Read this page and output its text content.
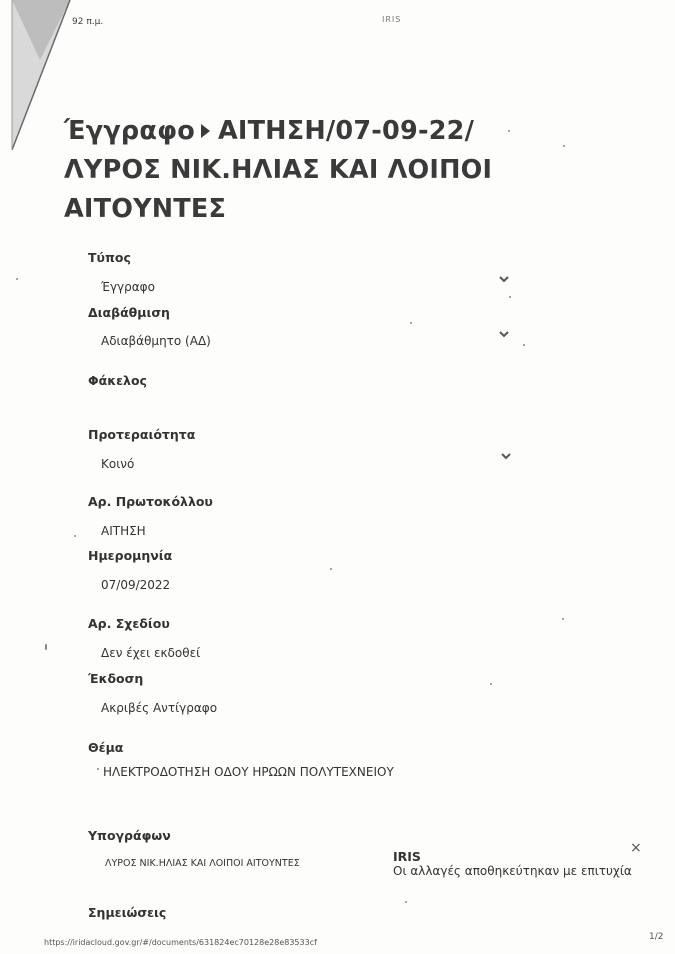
92 π.μ.	IRIS
Έγγραφο ΑΙΤΗΣΗ/07-09-22/
ΛΥΡΟΣ ΝΙΚ.ΗΛΙΑΣ ΚΑΙ ΛΟΙΠΟΙ
ΑΙΤΟΥΝΤΕΣ
Τύπος
Έγγραφο
Διαβάθμιση
Αδιαβάθμητο (ΑΔ)
Φάκελος
Προτεραιότητα
Κοινό
Αρ. Πρωτοκόλλου
ΑΙΤΗΣΗ
Ημερομηνία
07/09/2022
Αρ. Σχεδίου
Δεν έχει εκδοθεί
Έκδοση
Ακριβές Αντίγραφο
Θέμα
ΗΛΕΚΤΡΟΔΟΤΗΣΗ ΟΔΟΥ ΗΡΩΩΝ ΠΟΛΥΤΕΧΝΕΙΟΥ
Υπογράφων
ΛΥΡΟΣ ΝΙΚ.ΗΛΙΑΣ ΚΑΙ ΛΟΙΠΟΙ ΑΙΤΟΥΝΤΕΣ
Σημειώσεις
IRIS
Οι αλλαγές αποθηκεύτηκαν με επιτυχία
×
https://iridacloud.gov.gr/#/documents/631824ec70128e28e83533cf
1/2
